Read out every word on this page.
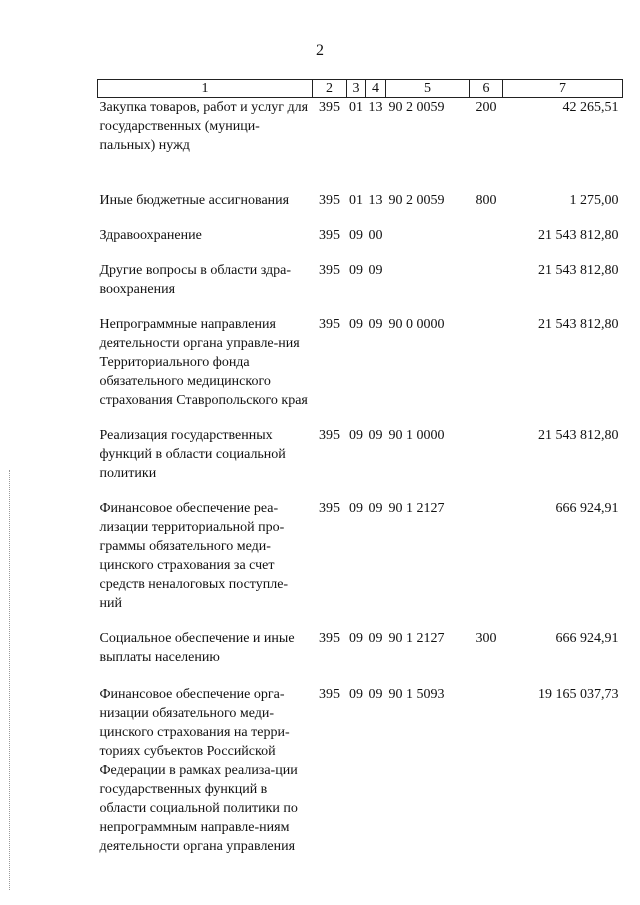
2
1	2	3	4	5	6	7
Закупка товаров, работ и услуг для государственных (муници-пальных) нужд	395	01	13	90 2 0059	200	42 265,51
Иные бюджетные ассигнования	395	01	13	90 2 0059	800	1 275,00
Здравоохранение	395	09	00			21 543 812,80
Другие вопросы в области здра-воохранения	395	09	09			21 543 812,80
Непрограммные направления деятельности органа управле-ния Территориального фонда обязательного медицинского страхования Ставропольского края	395	09	09	90 0 0000		21 543 812,80
Реализация государственных функций в области социальной политики	395	09	09	90 1 0000		21 543 812,80
Финансовое обеспечение реа-лизации территориальной про-граммы обязательного меди-цинского страхования за счет средств неналоговых поступле-ний	395	09	09	90 1 2127		666 924,91
Социальное обеспечение и иные выплаты населению	395	09	09	90 1 2127	300	666 924,91
Финансовое обеспечение орга-низации обязательного меди-цинского страхования на терри-ториях субъектов Российской Федерации в рамках реализа-ции государственных функций в области социальной политики по непрограммным направле-ниям деятельности органа управления	395	09	09	90 1 5093		19 165 037,73
